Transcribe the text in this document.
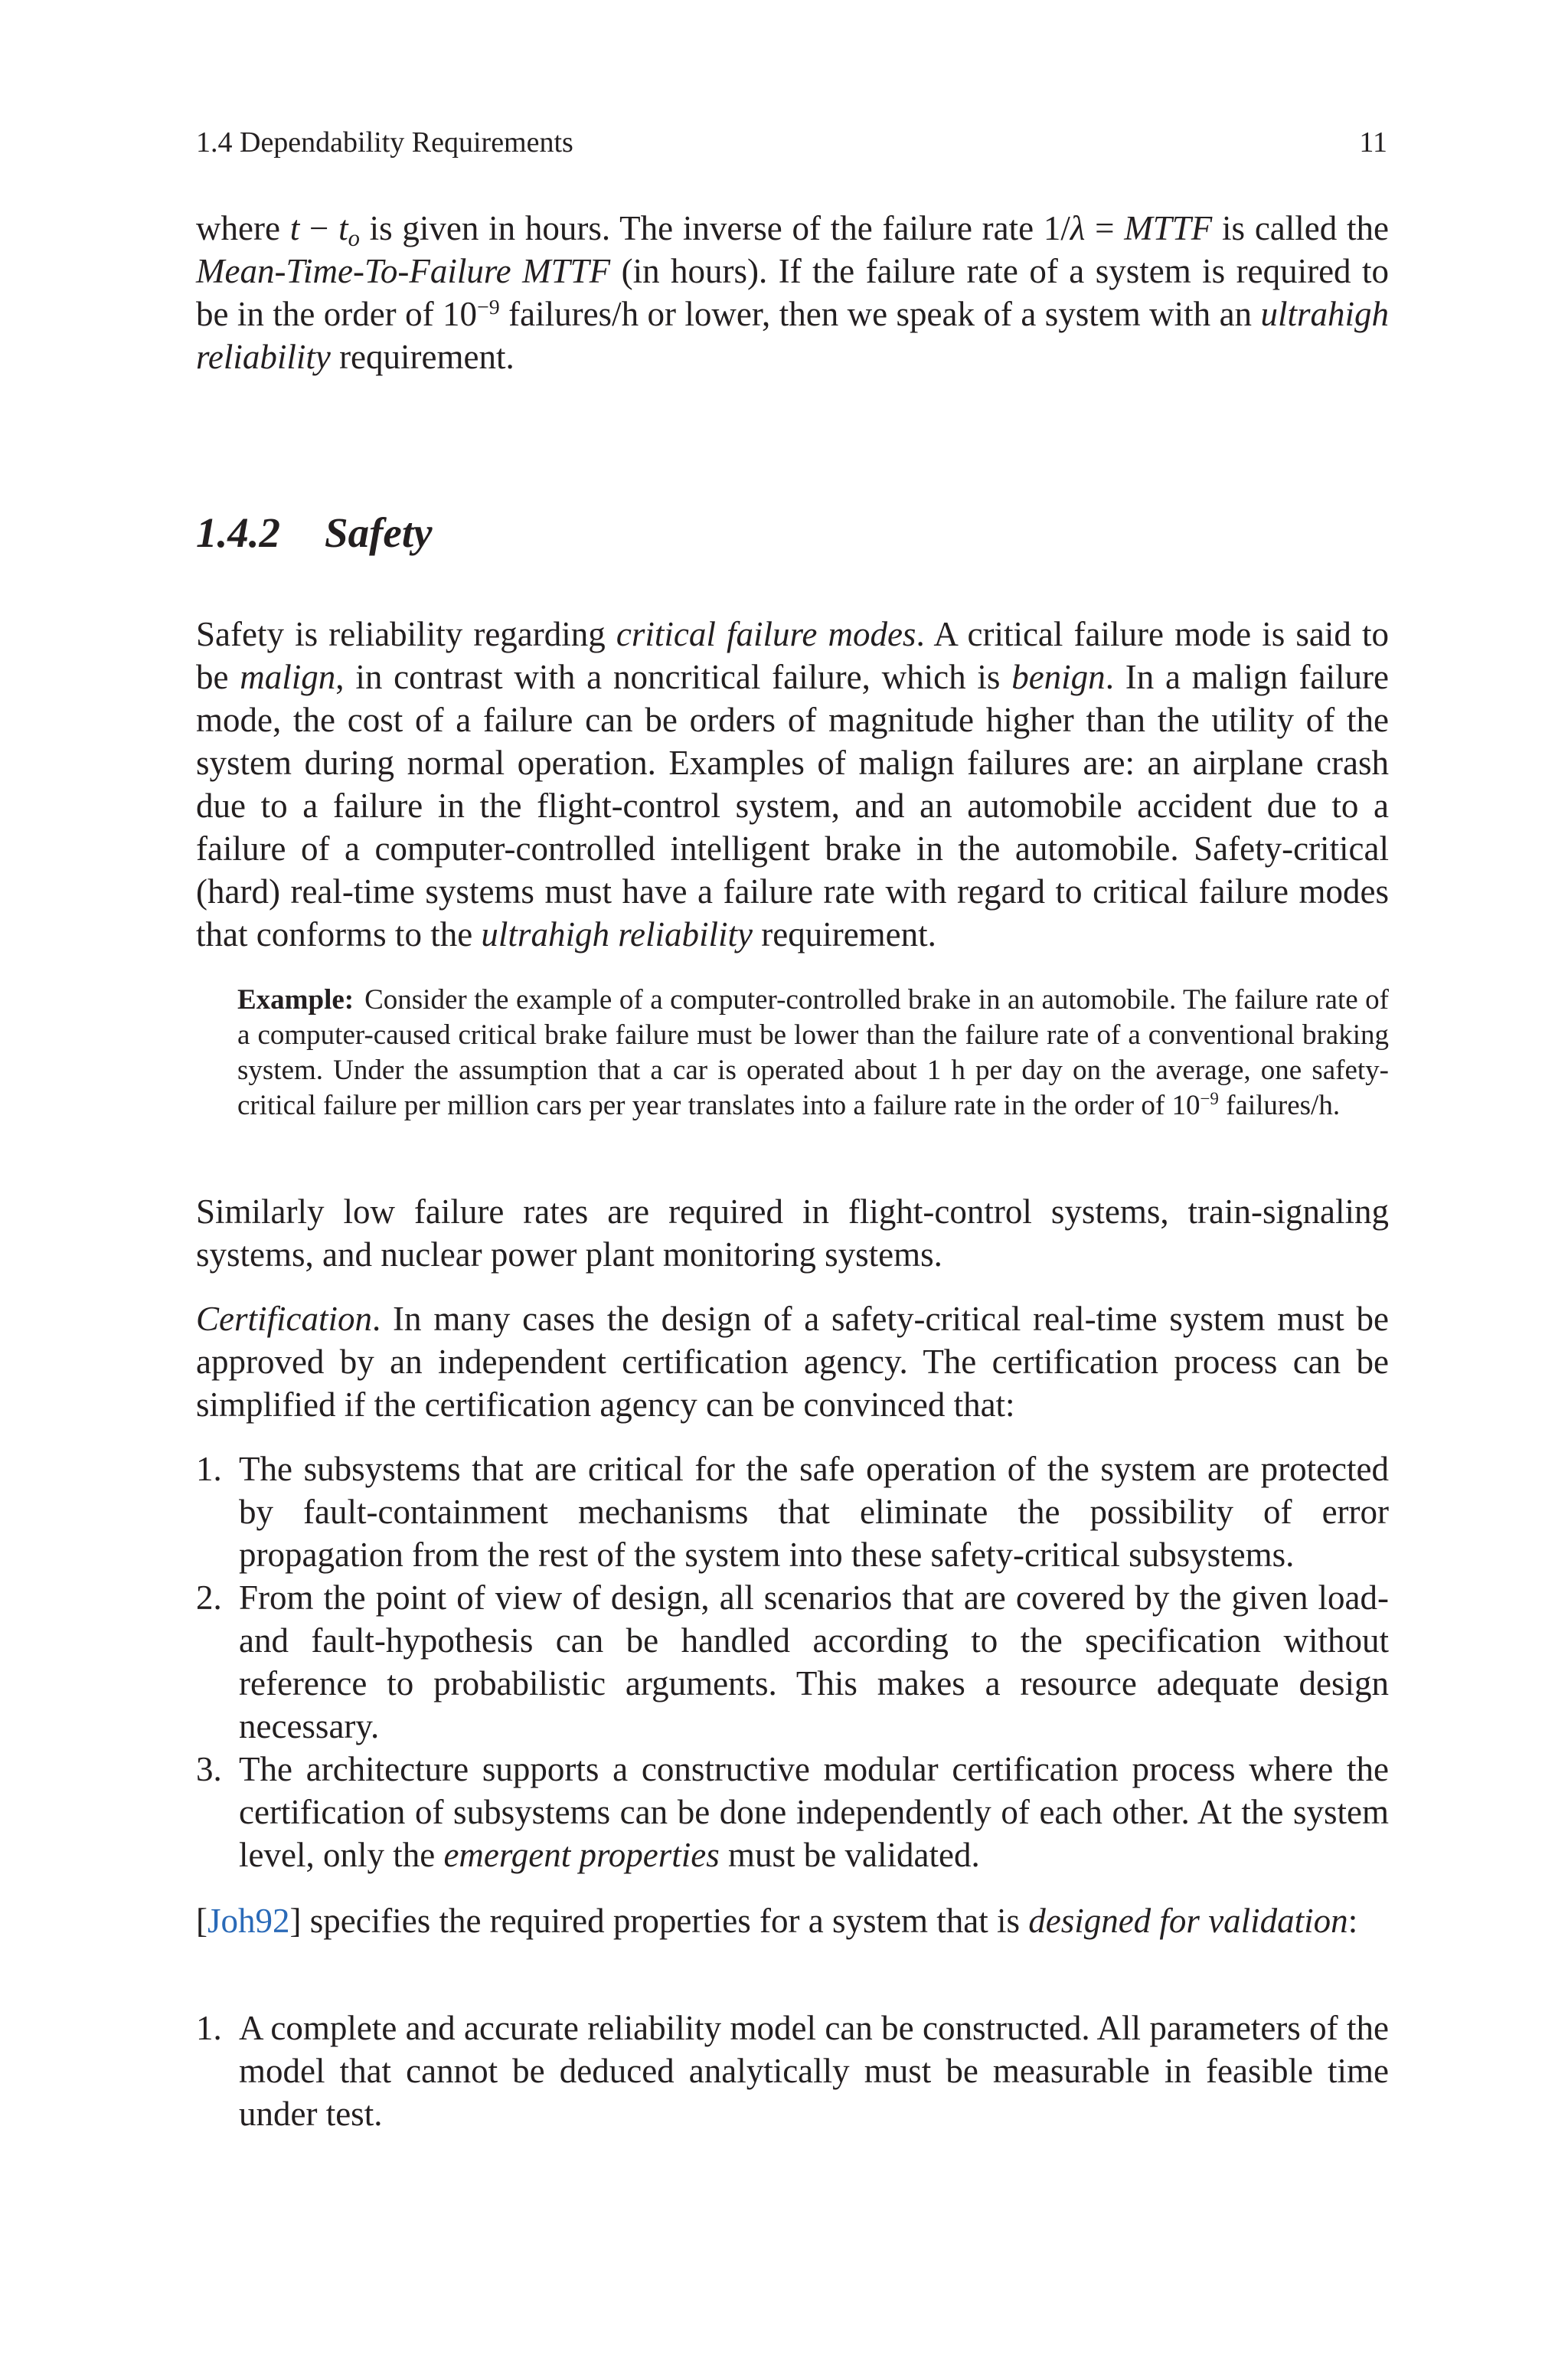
1.4 Dependability Requirements	11

where $t - t_o$ is given in hours. The inverse of the failure rate 1/λ = MTTF is called the Mean-Time-To-Failure MTTF (in hours). If the failure rate of a system is required to be in the order of $10^{-9}$ failures/h or lower, then we speak of a system with an ultrahigh reliability requirement.

1.4.2 Safety

Safety is reliability regarding critical failure modes. A critical failure mode is said to be malign, in contrast with a noncritical failure, which is benign. In a malign failure mode, the cost of a failure can be orders of magnitude higher than the utility of the system during normal operation. Examples of malign failures are: an airplane crash due to a failure in the flight-control system, and an automobile accident due to a failure of a computer-controlled intelligent brake in the automobile. Safety-critical (hard) real-time systems must have a failure rate with regard to critical failure modes that conforms to the ultrahigh reliability requirement.

Example: Consider the example of a computer-controlled brake in an automobile. The failure rate of a computer-caused critical brake failure must be lower than the failure rate of a conventional braking system. Under the assumption that a car is operated about 1 h per day on the average, one safety-critical failure per million cars per year translates into a failure rate in the order of $10^{-9}$ failures/h.

Similarly low failure rates are required in flight-control systems, train-signaling systems, and nuclear power plant monitoring systems.

Certification. In many cases the design of a safety-critical real-time system must be approved by an independent certification agency. The certification process can be simplified if the certification agency can be convinced that:

1. The subsystems that are critical for the safe operation of the system are protected by fault-containment mechanisms that eliminate the possibility of error propagation from the rest of the system into these safety-critical subsystems.
2. From the point of view of design, all scenarios that are covered by the given load- and fault-hypothesis can be handled according to the specification without reference to probabilistic arguments. This makes a resource adequate design necessary.
3. The architecture supports a constructive modular certification process where the certification of subsystems can be done independently of each other. At the system level, only the emergent properties must be validated.

[Joh92] specifies the required properties for a system that is designed for validation:

1. A complete and accurate reliability model can be constructed. All parameters of the model that cannot be deduced analytically must be measurable in feasible time under test.
